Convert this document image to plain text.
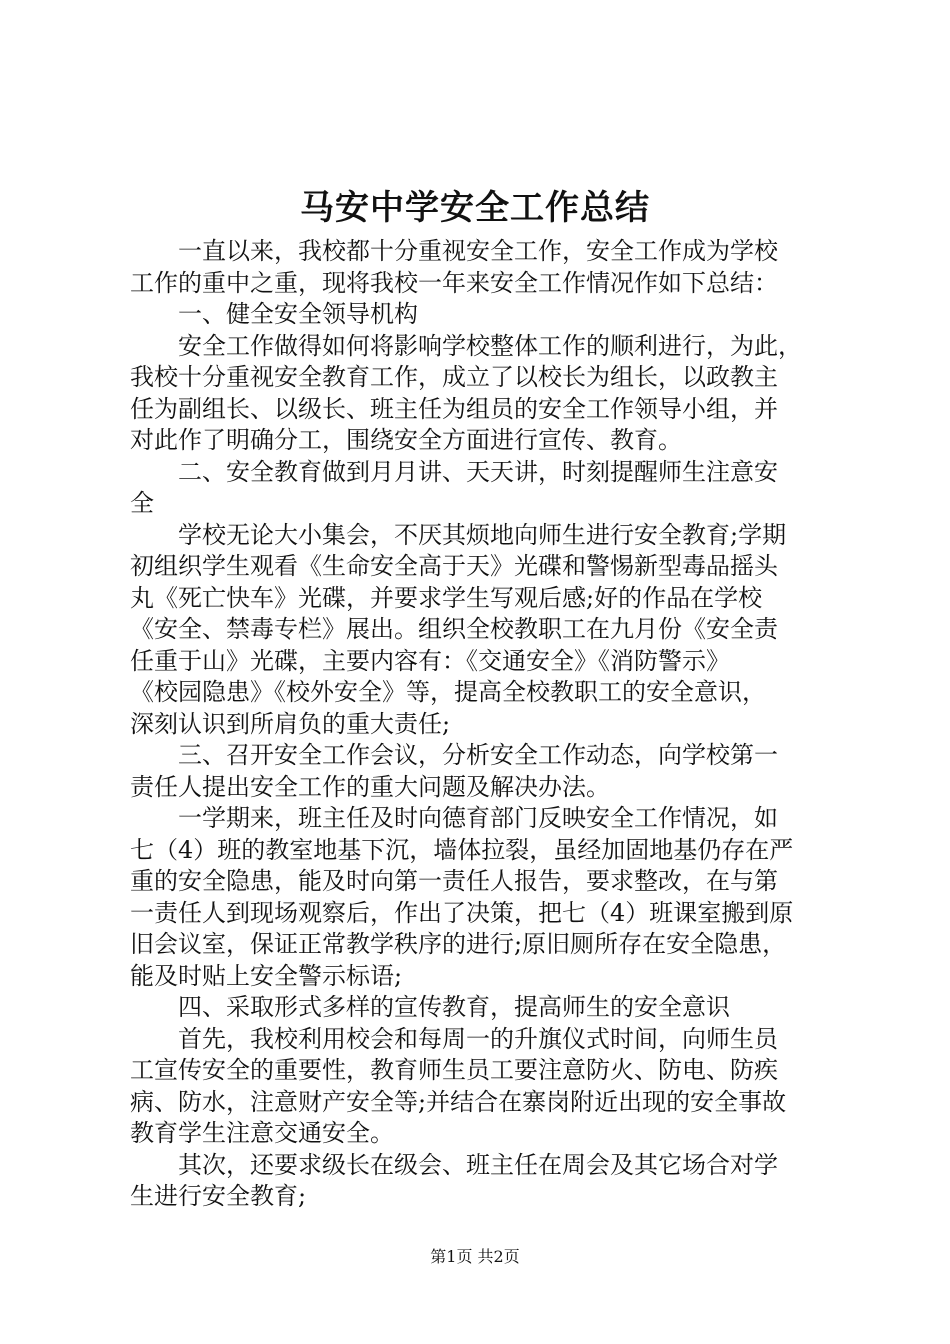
马安中学安全工作总结
　　一直以来，我校都十分重视安全工作，安全工作成为学校
工作的重中之重，现将我校一年来安全工作情况作如下总结：
　　一、健全安全领导机构
　　安全工作做得如何将影响学校整体工作的顺利进行，为此，
我校十分重视安全教育工作，成立了以校长为组长，以政教主
任为副组长、以级长、班主任为组员的安全工作领导小组，并
对此作了明确分工，围绕安全方面进行宣传、教育。
　　二、安全教育做到月月讲、天天讲，时刻提醒师生注意安
全
　　学校无论大小集会，不厌其烦地向师生进行安全教育;学期
初组织学生观看《生命安全高于天》光碟和警惕新型毒品摇头
丸《死亡快车》光碟，并要求学生写观后感;好的作品在学校
《安全、禁毒专栏》展出。组织全校教职工在九月份《安全责
任重于山》光碟，主要内容有：《交通安全》《消防警示》
《校园隐患》《校外安全》等，提高全校教职工的安全意识，
深刻认识到所肩负的重大责任;
　　三、召开安全工作会议，分析安全工作动态，向学校第一
责任人提出安全工作的重大问题及解决办法。
　　一学期来，班主任及时向德育部门反映安全工作情况，如
七（4）班的教室地基下沉，墙体拉裂，虽经加固地基仍存在严
重的安全隐患，能及时向第一责任人报告，要求整改，在与第
一责任人到现场观察后，作出了决策，把七（4）班课室搬到原
旧会议室，保证正常教学秩序的进行;原旧厕所存在安全隐患，
能及时贴上安全警示标语;
　　四、采取形式多样的宣传教育，提高师生的安全意识
　　首先，我校利用校会和每周一的升旗仪式时间，向师生员
工宣传安全的重要性，教育师生员工要注意防火、防电、防疾
病、防水，注意财产安全等;并结合在寨岗附近出现的安全事故
教育学生注意交通安全。
　　其次，还要求级长在级会、班主任在周会及其它场合对学
生进行安全教育;
第1页 共2页
